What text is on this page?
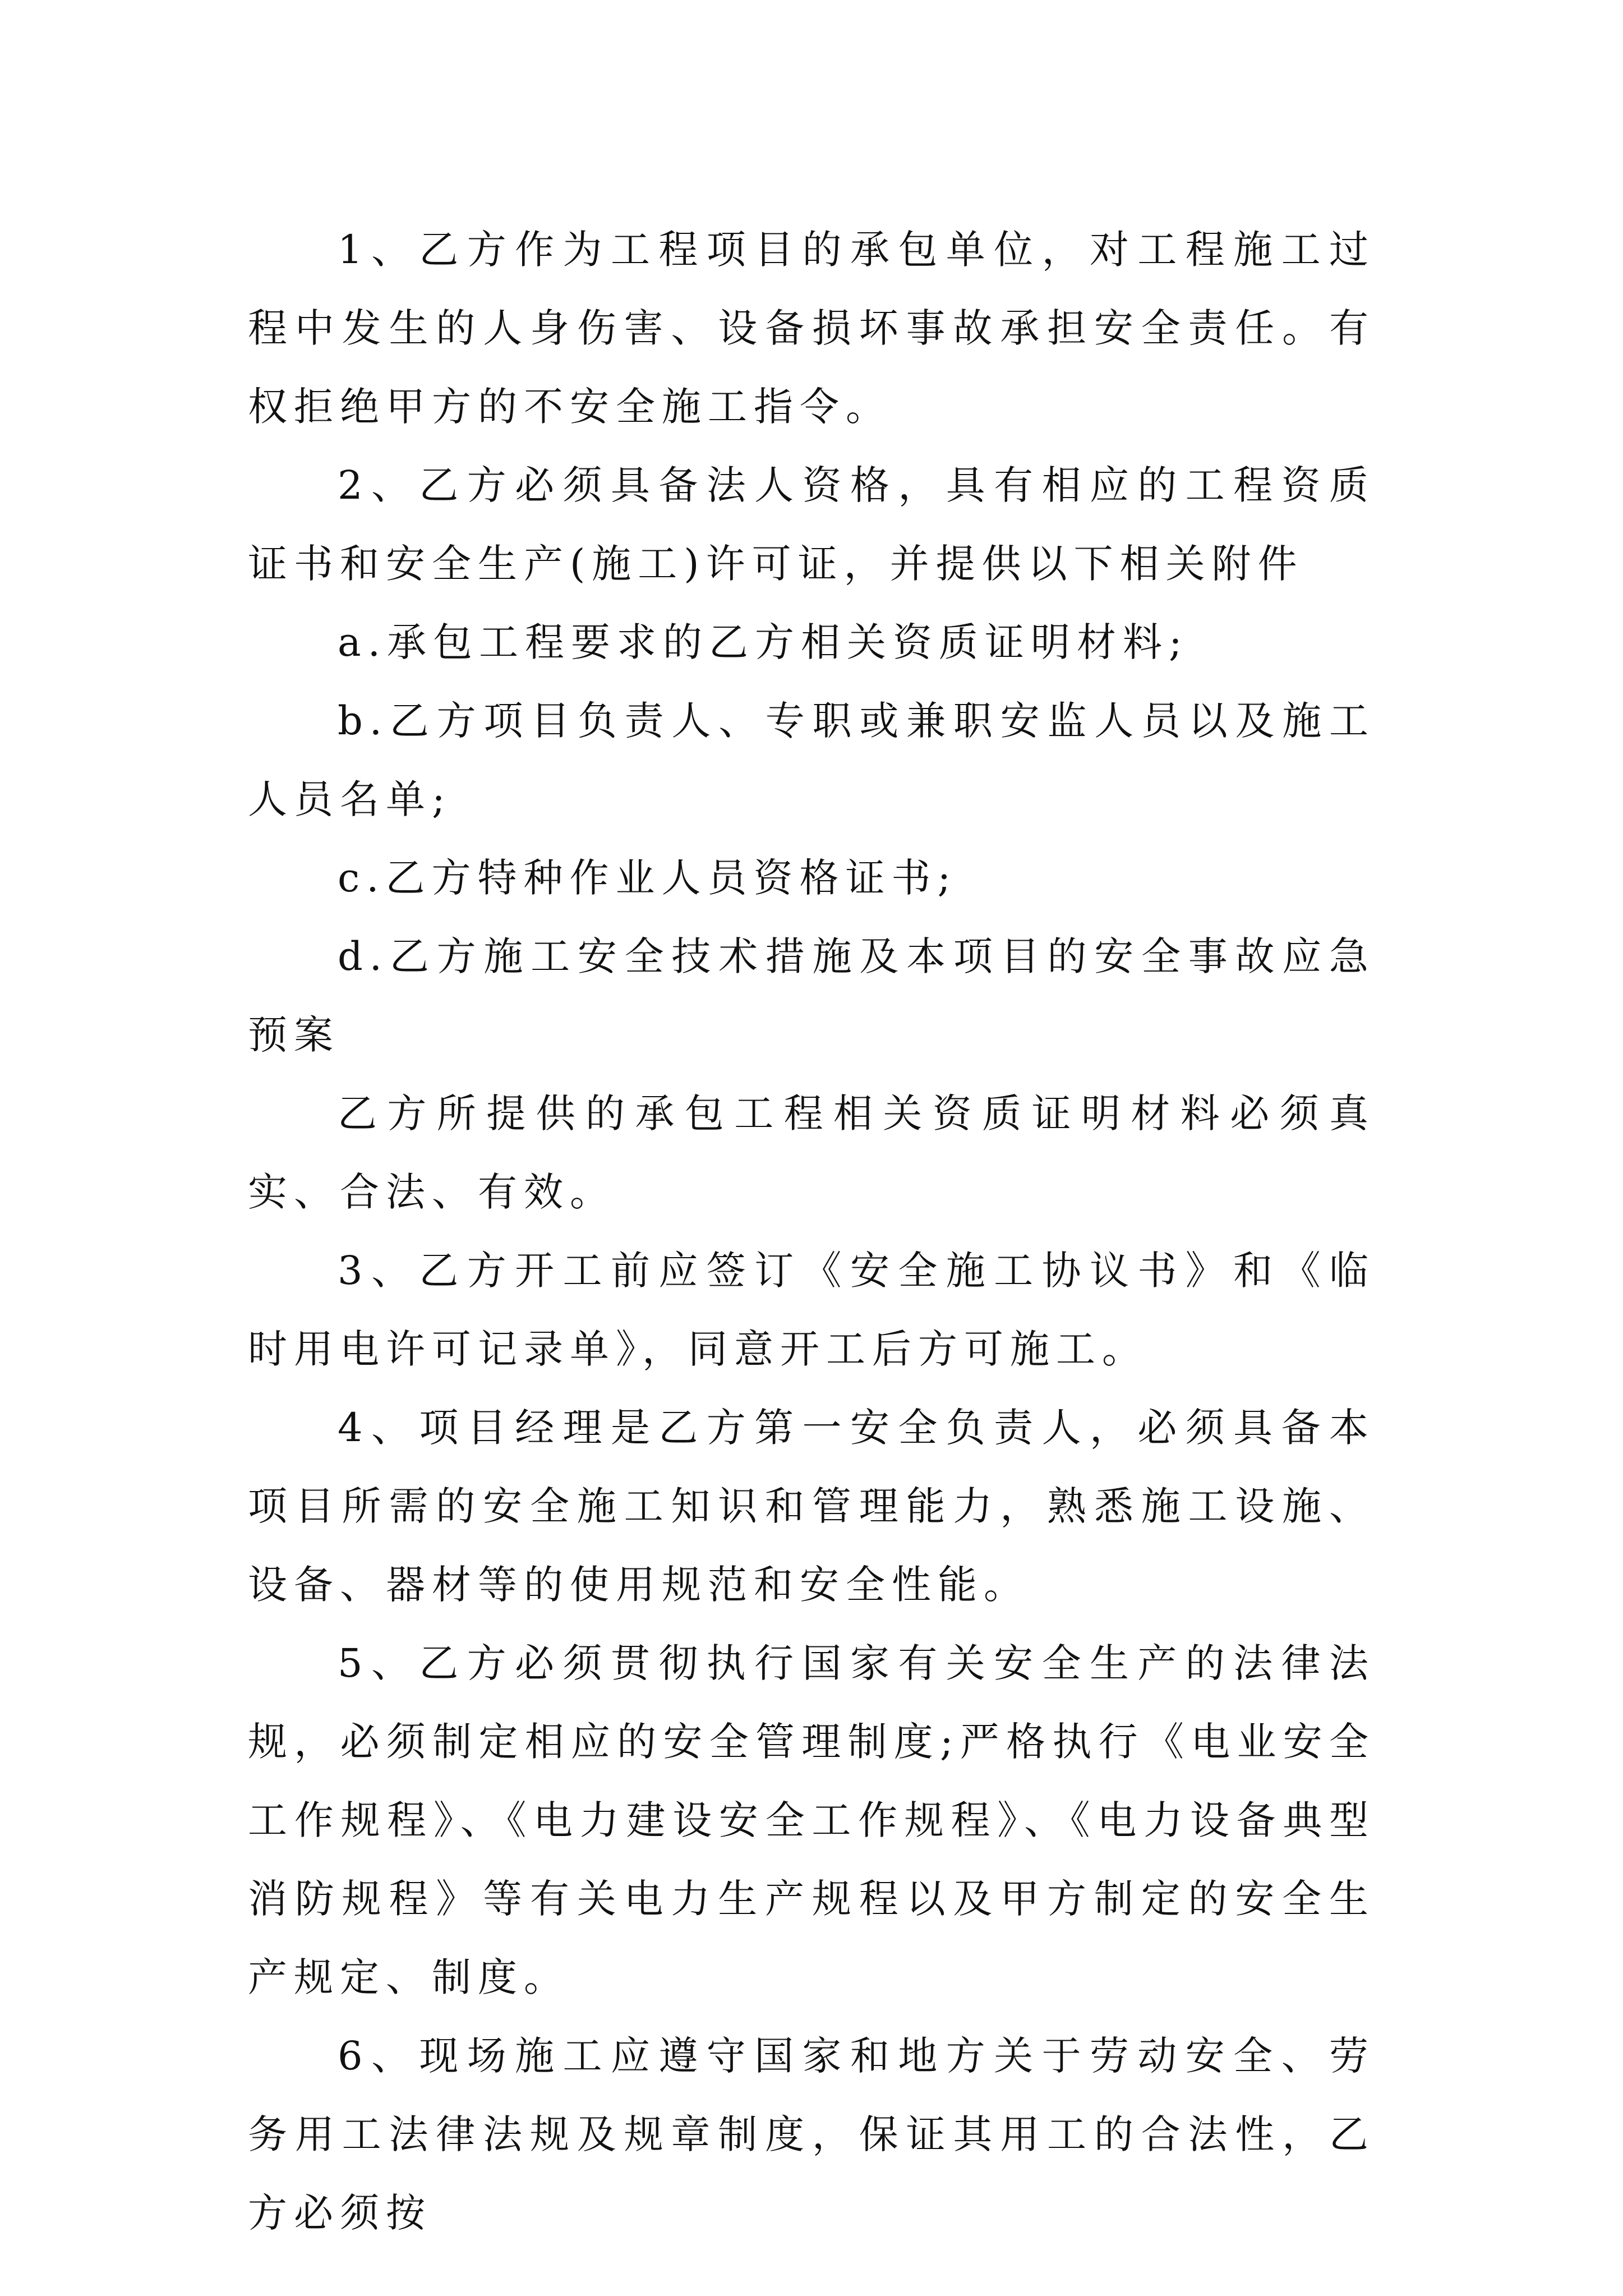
1、乙方作为工程项目的承包单位，对工程施工过程中发生的人身伤害、设备损坏事故承担安全责任。有权拒绝甲方的不安全施工指令。

2、乙方必须具备法人资格，具有相应的工程资质证书和安全生产(施工)许可证，并提供以下相关附件

a.承包工程要求的乙方相关资质证明材料;

b.乙方项目负责人、专职或兼职安监人员以及施工人员名单;

c.乙方特种作业人员资格证书;

d.乙方施工安全技术措施及本项目的安全事故应急预案

乙方所提供的承包工程相关资质证明材料必须真实、合法、有效。

3、乙方开工前应签订《安全施工协议书》和《临时用电许可记录单》，同意开工后方可施工。

4、项目经理是乙方第一安全负责人，必须具备本项目所需的安全施工知识和管理能力，熟悉施工设施、设备、器材等的使用规范和安全性能。

5、乙方必须贯彻执行国家有关安全生产的法律法规，必须制定相应的安全管理制度;严格执行《电业安全工作规程》、《电力建设安全工作规程》、《电力设备典型消防规程》等有关电力生产规程以及甲方制定的安全生产规定、制度。

6、现场施工应遵守国家和地方关于劳动安全、劳务用工法律法规及规章制度，保证其用工的合法性，乙方必须按
